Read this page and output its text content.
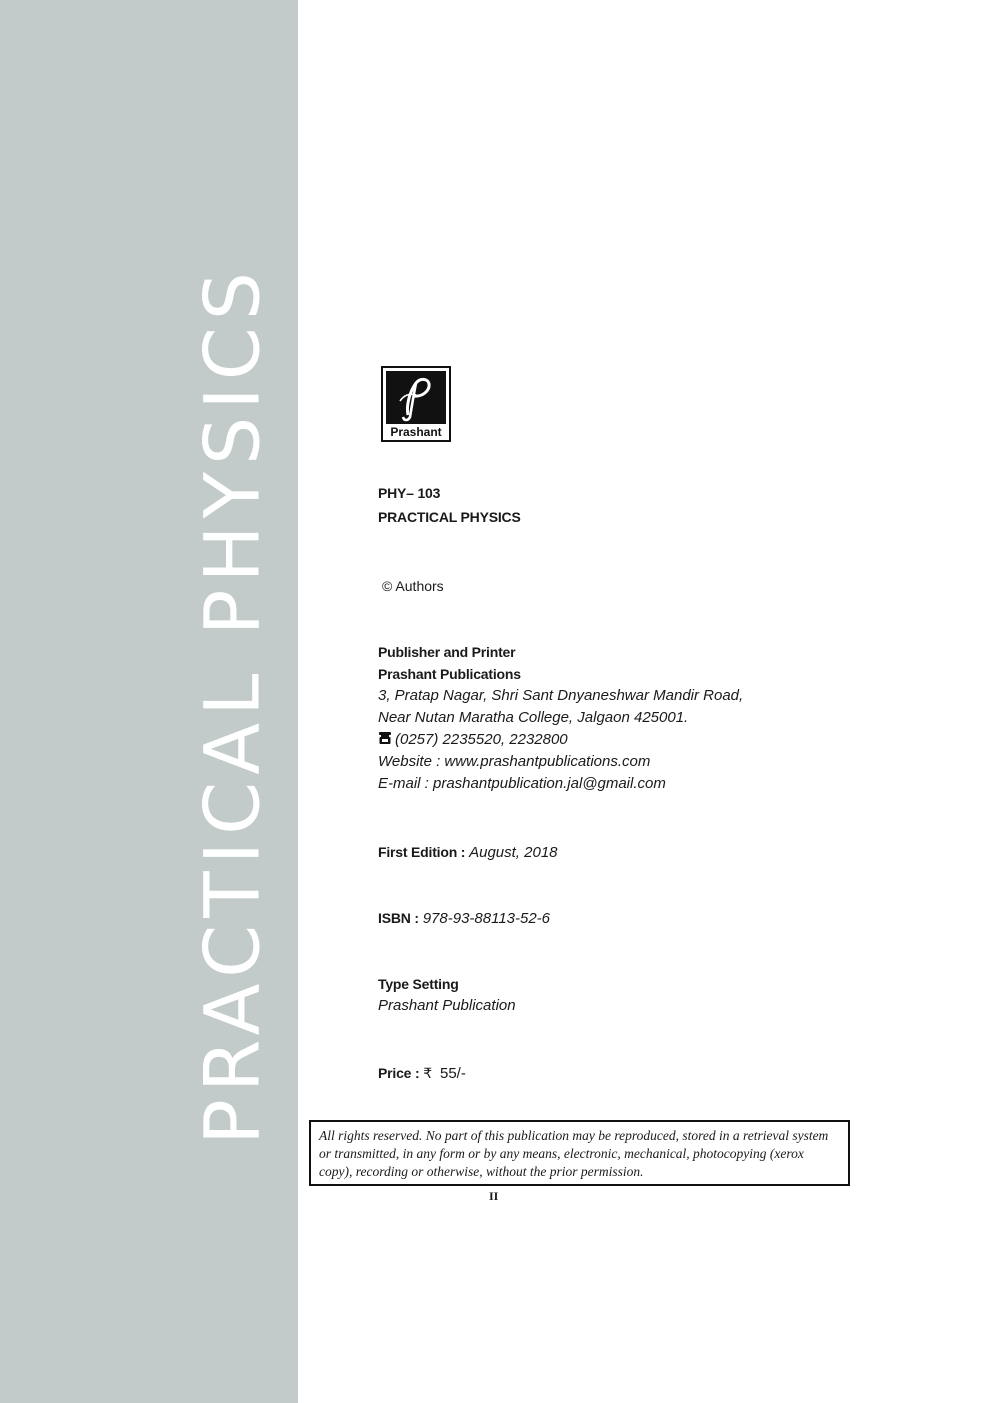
PRACTICAL PHYSICS	Prashant
PHY– 103
PRACTICAL PHYSICS
© Authors
Publisher and Printer
Prashant Publications
3, Pratap Nagar, Shri Sant Dnyaneshwar Mandir Road,
Near Nutan Maratha College, Jalgaon 425001.
(0257) 2235520, 2232800
Website : www.prashantpublications.com
E-mail : prashantpublication.jal@gmail.com
First Edition : August, 2018
ISBN : 978-93-88113-52-6
Type Setting
Prashant Publication
Price : ₹ 55/-
All rights reserved. No part of this publication may be reproduced, stored in a retrieval system or transmitted, in any form or by any means, electronic, mechanical, photocopying (xerox copy), recording or otherwise, without the prior permission.
II
